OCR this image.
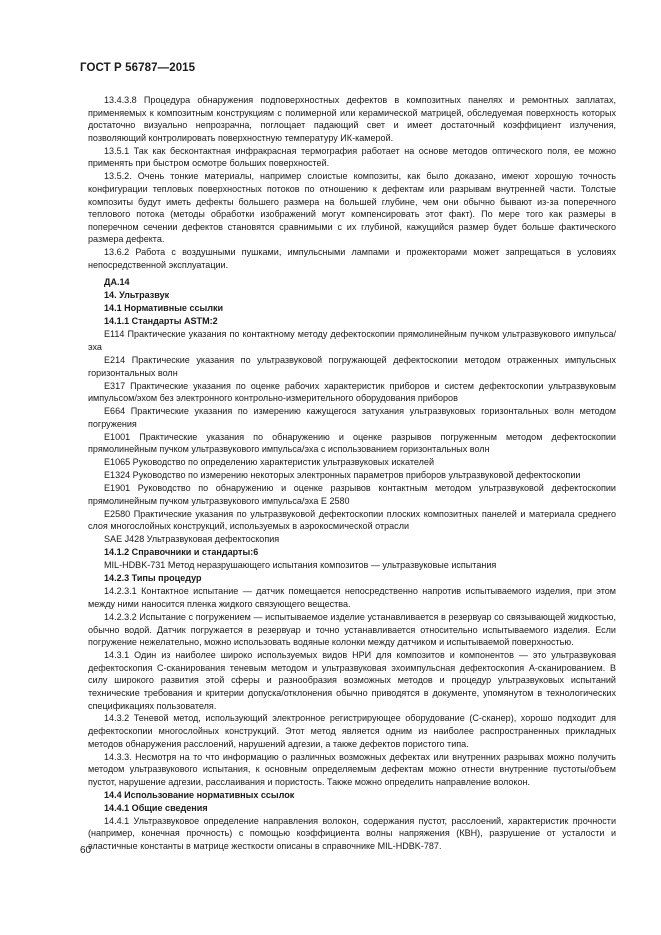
ГОСТ Р 56787—2015

13.4.3.8 Процедура обнаружения подповерхностных дефектов в композитных панелях и ремонтных заплатах, применяемых к композитным конструкциям с полимерной или керамической матрицей, обследуемая поверхность которых достаточно визуально непрозрачна, поглощает падающий свет и имеет достаточный коэффициент излучения, позволяющий контролировать поверхностную температуру ИК-камерой.

13.5.1 Так как бесконтактная инфракрасная термография работает на основе методов оптического поля, ее можно применять при быстром осмотре больших поверхностей.

13.5.2. Очень тонкие материалы, например слоистые композиты, как было доказано, имеют хорошую точность конфигурации тепловых поверхностных потоков по отношению к дефектам или разрывам внутренней части. Толстые композиты будут иметь дефекты большего размера на большей глубине, чем они обычно бывают из-за поперечного теплового потока (методы обработки изображений могут компенсировать этот факт). По мере того как размеры в поперечном сечении дефектов становятся сравнимыми с их глубиной, кажущийся размер будет больше фактического размера дефекта.

13.6.2 Работа с воздушными пушками, импульсными лампами и прожекторами может запрещаться в условиях непосредственной эксплуатации.

ДА.14

14. Ультразвук

14.1 Нормативные ссылки

14.1.1 Стандарты ASTM:2

E114 Практические указания по контактному методу дефектоскопии прямолинейным пучком ультразвукового импульса/эха

E214 Практические указания по ультразвуковой погружающей дефектоскопии методом отраженных импульсных горизонтальных волн

E317 Практические указания по оценке рабочих характеристик приборов и систем дефектоскопии ультразвуковым импульсом/эхом без электронного контрольно-измерительного оборудования приборов

E664 Практические указания по измерению кажущегося затухания ультразвуковых горизонтальных волн методом погружения

E1001 Практические указания по обнаружению и оценке разрывов погруженным методом дефектоскопии прямолинейным пучком ультразвукового импульса/эха с использованием горизонтальных волн

E1065 Руководство по определению характеристик ультразвуковых искателей

E1324 Руководство по измерению некоторых электронных параметров приборов ультразвуковой дефектоскопии

E1901 Руководство по обнаружению и оценке разрывов контактным методом ультразвуковой дефектоскопии прямолинейным пучком ультразвукового импульса/эха E 2580

E2580 Практические указания по ультразвуковой дефектоскопии плоских композитных панелей и материала среднего слоя многослойных конструкций, используемых в аэрокосмической отрасли

SAE J428 Ультразвуковая дефектоскопия

14.1.2 Справочники и стандарты:6

MIL-HDBK-731 Метод неразрушающего испытания композитов — ультразвуковые испытания

14.2.3 Типы процедур

14.2.3.1 Контактное испытание — датчик помещается непосредственно напротив испытываемого изделия, при этом между ними наносится пленка жидкого связующего вещества.

14.2.3.2 Испытание с погружением — испытываемое изделие устанавливается в резервуар со связывающей жидкостью, обычно водой. Датчик погружается в резервуар и точно устанавливается относительно испытываемого изделия. Если погружение нежелательно, можно использовать водяные колонки между датчиком и испытываемой поверхностью.

14.3.1 Один из наиболее широко используемых видов НРИ для композитов и компонентов — это ультразвуковая дефектоскопия С-сканирования теневым методом и ультразвуковая эхоимпульсная дефектоскопия А-сканированием. В силу широкого развития этой сферы и разнообразия возможных методов и процедур ультразвуковых испытаний технические требования и критерии допуска/отклонения обычно приводятся в документе, упомянутом в технологических спецификациях пользователя.

14.3.2 Теневой метод, использующий электронное регистрирующее оборудование (С-сканер), хорошо подходит для дефектоскопии многослойных конструкций. Этот метод является одним из наиболее распространенных прикладных методов обнаружения расслоений, нарушений адгезии, а также дефектов пористого типа.

14.3.3. Несмотря на то что информацию о различных возможных дефектах или внутренних разрывах можно получить методом ультразвукового испытания, к основным определяемым дефектам можно отнести внутренние пустоты/объем пустот, нарушение адгезии, расслаивания и пористость. Также можно определить направление волокон.

14.4 Использование нормативных ссылок

14.4.1 Общие сведения

14.4.1 Ультразвуковое определение направления волокон, содержания пустот, расслоений, характеристик прочности (например, конечная прочность) с помощью коэффициента волны напряжения (КВН), разрушение от усталости и эластичные константы в матрице жесткости описаны в справочнике MIL-HDBK-787.

60
